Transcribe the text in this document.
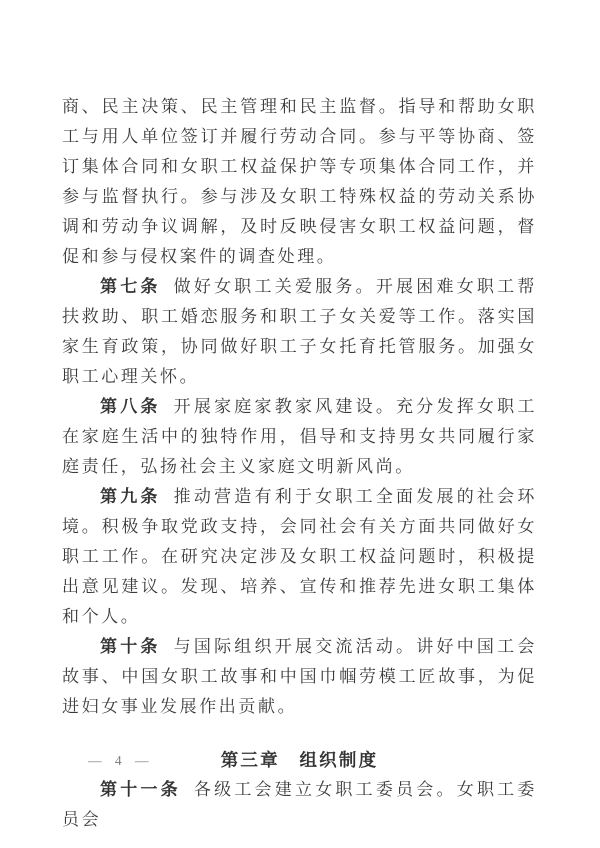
商、民主决策、民主管理和民主监督。指导和帮助女职工与用人单位签订并履行劳动合同。参与平等协商、签订集体合同和女职工权益保护等专项集体合同工作，并参与监督执行。参与涉及女职工特殊权益的劳动关系协调和劳动争议调解，及时反映侵害女职工权益问题，督促和参与侵权案件的调查处理。

第七条 做好女职工关爱服务。开展困难女职工帮扶救助、职工婚恋服务和职工子女关爱等工作。落实国家生育政策，协同做好职工子女托育托管服务。加强女职工心理关怀。

第八条 开展家庭家教家风建设。充分发挥女职工在家庭生活中的独特作用，倡导和支持男女共同履行家庭责任，弘扬社会主义家庭文明新风尚。

第九条 推动营造有利于女职工全面发展的社会环境。积极争取党政支持，会同社会有关方面共同做好女职工工作。在研究决定涉及女职工权益问题时，积极提出意见建议。发现、培养、宣传和推荐先进女职工集体和个人。

第十条 与国际组织开展交流活动。讲好中国工会故事、中国女职工故事和中国巾帼劳模工匠故事，为促进妇女事业发展作出贡献。

第三章　组织制度

第十一条 各级工会建立女职工委员会。女职工委员会

— 4 —
